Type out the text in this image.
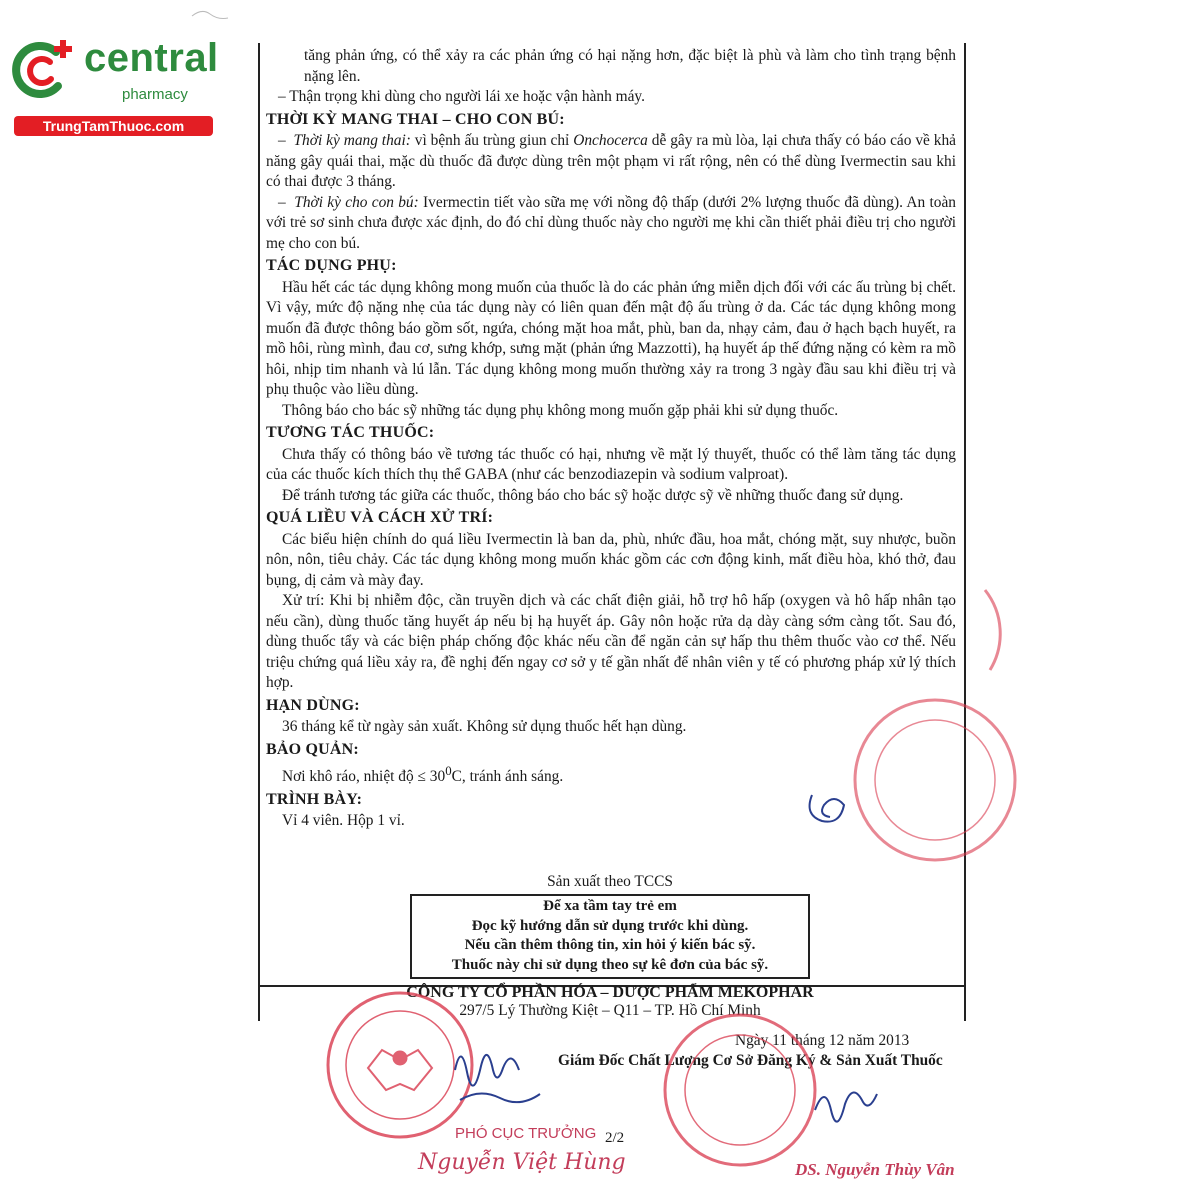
central
pharmacy
TrungTamThuoc.com

tăng phản ứng, có thể xảy ra các phản ứng có hại nặng hơn, đặc biệt là phù và làm cho tình trạng bệnh nặng lên.

– Thận trọng khi dùng cho người lái xe hoặc vận hành máy.

THỜI KỲ MANG THAI – CHO CON BÚ:

–  Thời kỳ mang thai: vì bệnh ấu trùng giun chỉ Onchocerca dễ gây ra mù lòa, lại chưa thấy có báo cáo về khả năng gây quái thai, mặc dù thuốc đã được dùng trên một phạm vi rất rộng, nên có thể dùng Ivermectin sau khi có thai được 3 tháng.

–  Thời kỳ cho con bú: Ivermectin tiết vào sữa mẹ với nồng độ thấp (dưới 2% lượng thuốc đã dùng). An toàn với trẻ sơ sinh chưa được xác định, do đó chỉ dùng thuốc này cho người mẹ khi cần thiết phải điều trị cho người mẹ cho con bú.

TÁC DỤNG PHỤ:

Hầu hết các tác dụng không mong muốn của thuốc là do các phản ứng miễn dịch đối với các ấu trùng bị chết. Vì vậy, mức độ nặng nhẹ của tác dụng này có liên quan đến mật độ ấu trùng ở da. Các tác dụng không mong muốn đã được thông báo gồm sốt, ngứa, chóng mặt hoa mắt, phù, ban da, nhạy cảm, đau ở hạch bạch huyết, ra mồ hôi, rùng mình, đau cơ, sưng khớp, sưng mặt (phản ứng Mazzotti), hạ huyết áp thế đứng nặng có kèm ra mồ hôi, nhịp tim nhanh và lú lẫn. Tác dụng không mong muốn thường xảy ra trong 3 ngày đầu sau khi điều trị và phụ thuộc vào liều dùng.

Thông báo cho bác sỹ những tác dụng phụ không mong muốn gặp phải khi sử dụng thuốc.

TƯƠNG TÁC THUỐC:

Chưa thấy có thông báo về tương tác thuốc có hại, nhưng về mặt lý thuyết, thuốc có thể làm tăng tác dụng của các thuốc kích thích thụ thể GABA (như các benzodiazepin và sodium valproat).

Để tránh tương tác giữa các thuốc, thông báo cho bác sỹ hoặc dược sỹ về những thuốc đang sử dụng.

QUÁ LIỀU VÀ CÁCH XỬ TRÍ:

Các biểu hiện chính do quá liều Ivermectin là ban da, phù, nhức đầu, hoa mắt, chóng mặt, suy nhược, buồn nôn, nôn, tiêu chảy. Các tác dụng không mong muốn khác gồm các cơn động kinh, mất điều hòa, khó thở, đau bụng, dị cảm và mày đay.

Xử trí: Khi bị nhiễm độc, cần truyền dịch và các chất điện giải, hỗ trợ hô hấp (oxygen và hô hấp nhân tạo nếu cần), dùng thuốc tăng huyết áp nếu bị hạ huyết áp. Gây nôn hoặc rửa dạ dày càng sớm càng tốt. Sau đó, dùng thuốc tẩy và các biện pháp chống độc khác nếu cần để ngăn cản sự hấp thu thêm thuốc vào cơ thể. Nếu triệu chứng quá liều xảy ra, đề nghị đến ngay cơ sở y tế gần nhất để nhân viên y tế có phương pháp xử lý thích hợp.

HẠN DÙNG:

36 tháng kể từ ngày sản xuất. Không sử dụng thuốc hết hạn dùng.

BẢO QUẢN:

Nơi khô ráo, nhiệt độ ≤ $30^0C$, tránh ánh sáng.

TRÌNH BÀY:

Vỉ 4 viên. Hộp 1 vỉ.

Sản xuất theo TCCS
Để xa tầm tay trẻ em
Đọc kỹ hướng dẫn sử dụng trước khi dùng.
Nếu cần thêm thông tin, xin hỏi ý kiến bác sỹ.
Thuốc này chỉ sử dụng theo sự kê đơn của bác sỹ.
CÔNG TY CỔ PHẦN HÓA – DƯỢC PHẨM MEKOPHAR
297/5 Lý Thường Kiệt – Q11 – TP. Hồ Chí Minh
Ngày 11 tháng 12 năm 2013
Giám Đốc Chất Lượng Cơ Sở Đăng Ký & Sản Xuất Thuốc
PHÓ CỤC TRƯỞNG 2/2
Nguyễn Việt Hùng	DS. Nguyễn Thùy Vân
